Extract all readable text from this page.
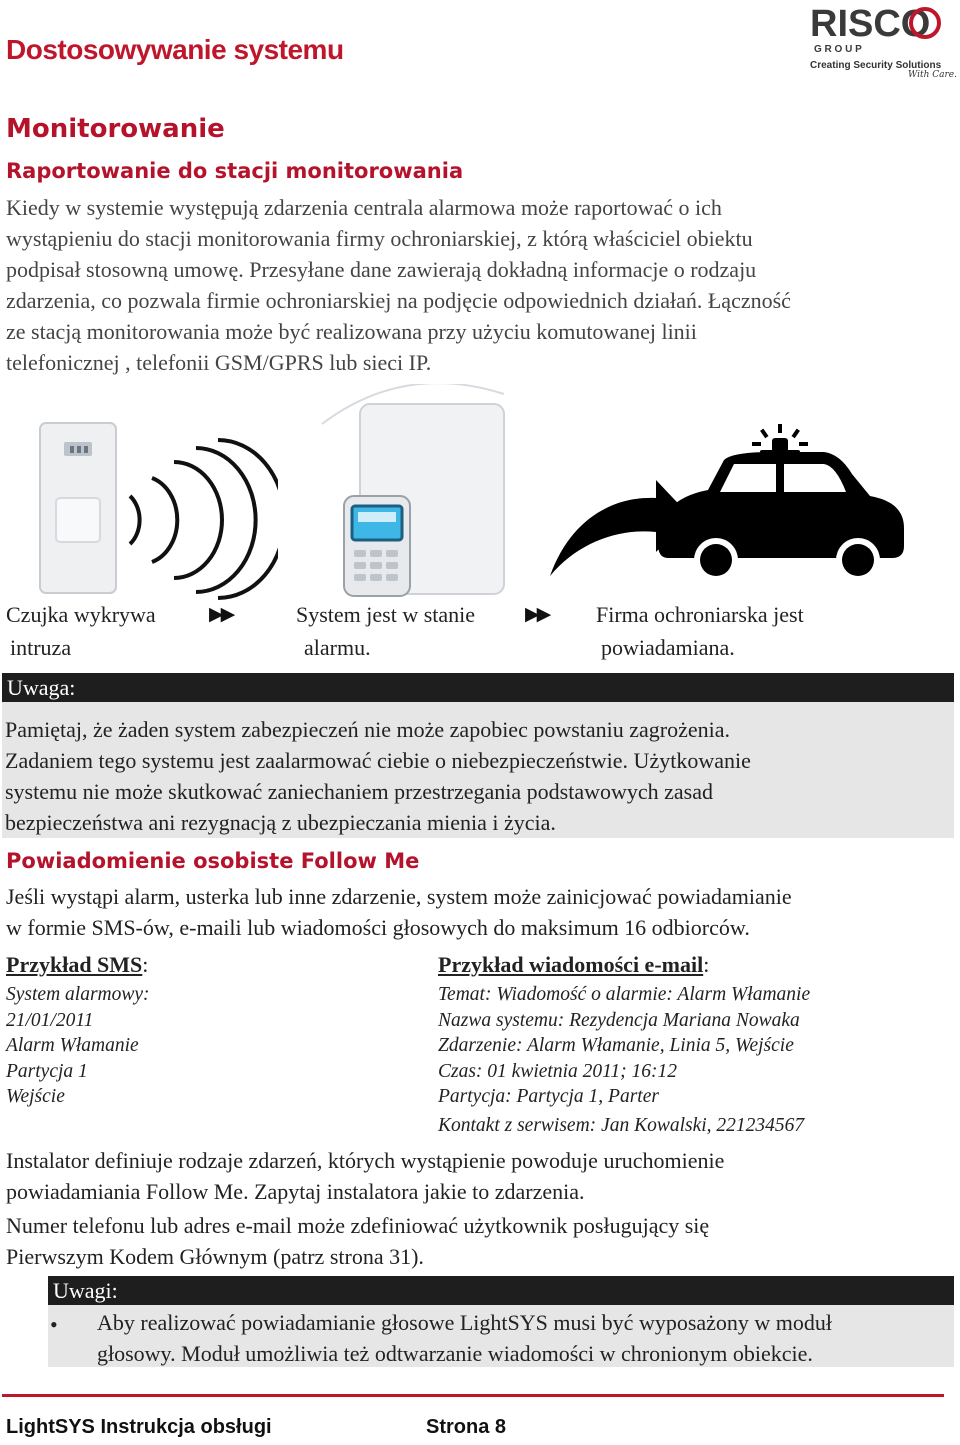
Dostosowywanie systemu
RISCO
G R O U P
Creating Security Solutions
With Care.
Monitorowanie
Raportowanie do stacji monitorowania
Kiedy w systemie występują zdarzenia centrala alarmowa może raportować o ich
wystąpieniu do stacji monitorowania firmy ochroniarskiej, z którą właściciel obiektu
podpisał stosowną umowę. Przesyłane dane zawierają dokładną informacje o rodzaju
zdarzenia, co pozwala firmie ochroniarskiej na podjęcie odpowiednich działań. Łączność
ze stacją monitorowania może być realizowana przy użyciu komutowanej linii
telefonicznej , telefonii GSM/GPRS lub sieci IP.
Czujka wykrywa
intruza
▶▶	System jest w stanie
alarmu.
▶▶ Firma ochroniarska jest
powiadamiana.
Uwaga:
Pamiętaj, że żaden system zabezpieczeń nie może zapobiec powstaniu zagrożenia.
Zadaniem tego systemu jest zaalarmować ciebie o niebezpieczeństwie. Użytkowanie
systemu nie może skutkować zaniechaniem przestrzegania podstawowych zasad
bezpieczeństwa ani rezygnacją z ubezpieczania mienia i życia.
Powiadomienie osobiste Follow Me
Jeśli wystąpi alarm, usterka lub inne zdarzenie, system może zainicjować powiadamianie
w formie SMS-ów, e-maili lub wiadomości głosowych do maksimum 16 odbiorców.
Przykład SMS:
System alarmowy:
21/01/2011
Alarm Włamanie
Partycja 1
Wejście
Przykład wiadomości e-mail:
Temat: Wiadomość o alarmie: Alarm Włamanie
Nazwa systemu: Rezydencja Mariana Nowaka
Zdarzenie: Alarm Włamanie, Linia 5, Wejście
Czas: 01 kwietnia 2011; 16:12
Partycja: Partycja 1, Parter
Kontakt z serwisem: Jan Kowalski, 221234567
Instalator definiuje rodzaje zdarzeń, których wystąpienie powoduje uruchomienie
powiadamiania Follow Me. Zapytaj instalatora jakie to zdarzenia.
Numer telefonu lub adres e-mail może zdefiniować użytkownik posługujący się
Pierwszym Kodem Głównym (patrz strona 31).
Uwagi:
• Aby realizować powiadamianie głosowe LightSYS musi być wyposażony w moduł
głosowy. Moduł umożliwia też odtwarzanie wiadomości w chronionym obiekcie.
LightSYS Instrukcja obsługi	Strona 8
